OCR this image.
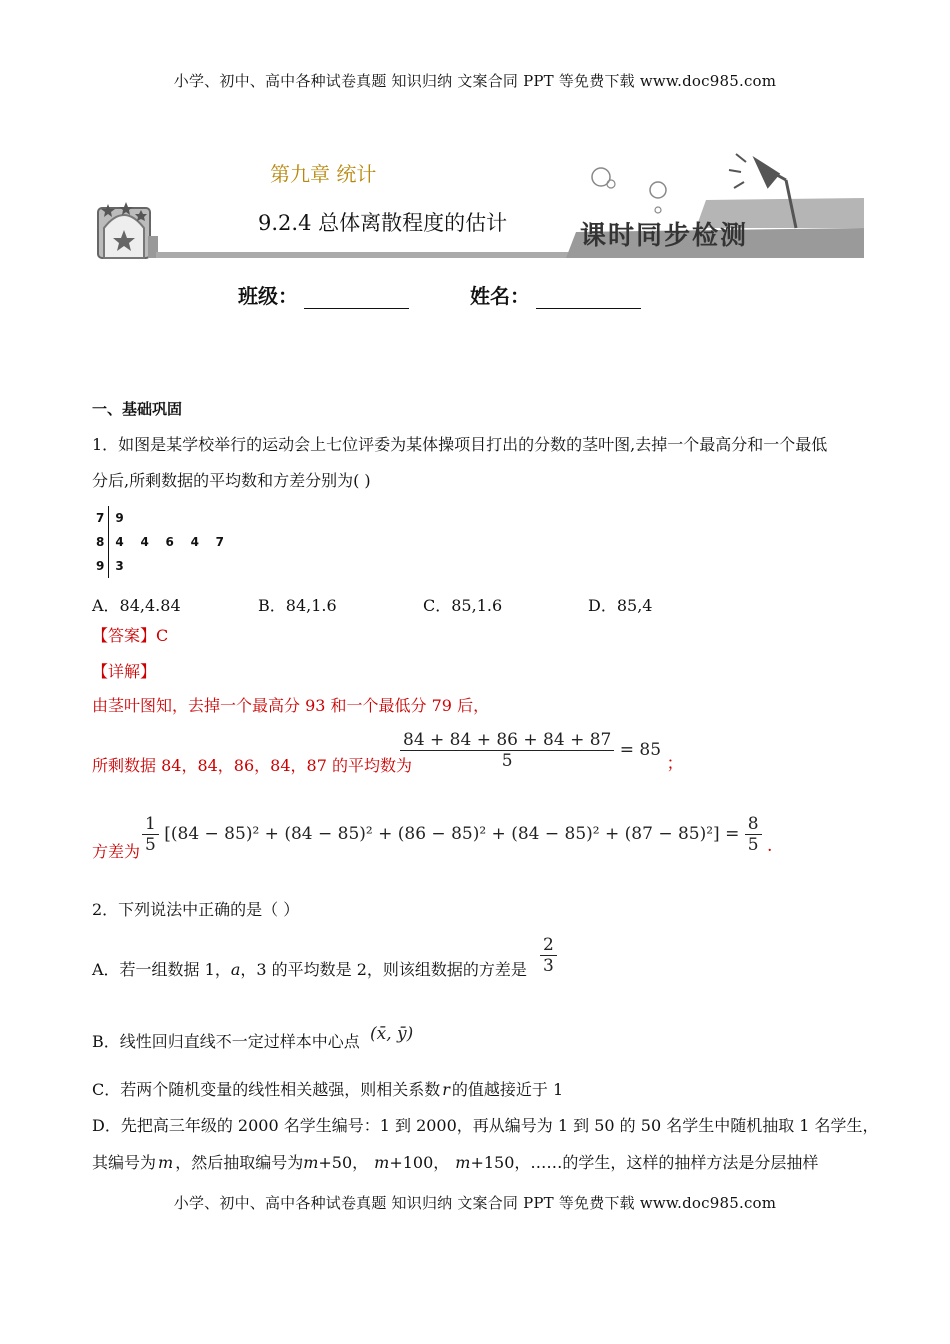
小学、初中、高中各种试卷真题 知识归纳 文案合同 PPT 等免费下载 www.doc985.com
第九章 统计
9.2.4 总体离散程度的估计	课时同步检测
班级：	姓名：
一、基础巩固
1．如图是某学校举行的运动会上七位评委为某体操项目打出的分数的茎叶图,去掉一个最高分和一个最低
分后,所剩数据的平均数和方差分别为( )
7	9
8	4 4 6 4 7
9	3
A．84,4.84	B．84,1.6	C．85,1.6	D．85,4
【答案】C
【详解】
由茎叶图知，去掉一个最高分 93 和一个最低分 79 后，
所剩数据 84，84，86，84，87 的平均数为
$\frac{84 + 84 + 86 + 84 + 87}{5} = 85$ ；
方差为 $\frac{1}{5} [(84 - 85)^2 + (84 - 85)^2 + (86 - 85)^2 + (84 - 85)^2 + (87 - 85)^2] = \frac{8}{5}$ .
2．下列说法中正确的是（ ）
A．若一组数据 1，a，3 的平均数是 2，则该组数据的方差是 $\frac{2}{3}$
B．线性回归直线不一定过样本中心点 (x̄, ȳ)
C．若两个随机变量的线性相关越强，则相关系数 r 的值越接近于 1
D．先把高三年级的 2000 名学生编号：1 到 2000，再从编号为 1 到 50 的 50 名学生中随机抽取 1 名学生，
其编号为 m ，然后抽取编号为m+50， m+100， m+150，……的学生，这样的抽样方法是分层抽样
小学、初中、高中各种试卷真题 知识归纳 文案合同 PPT 等免费下载 www.doc985.com
